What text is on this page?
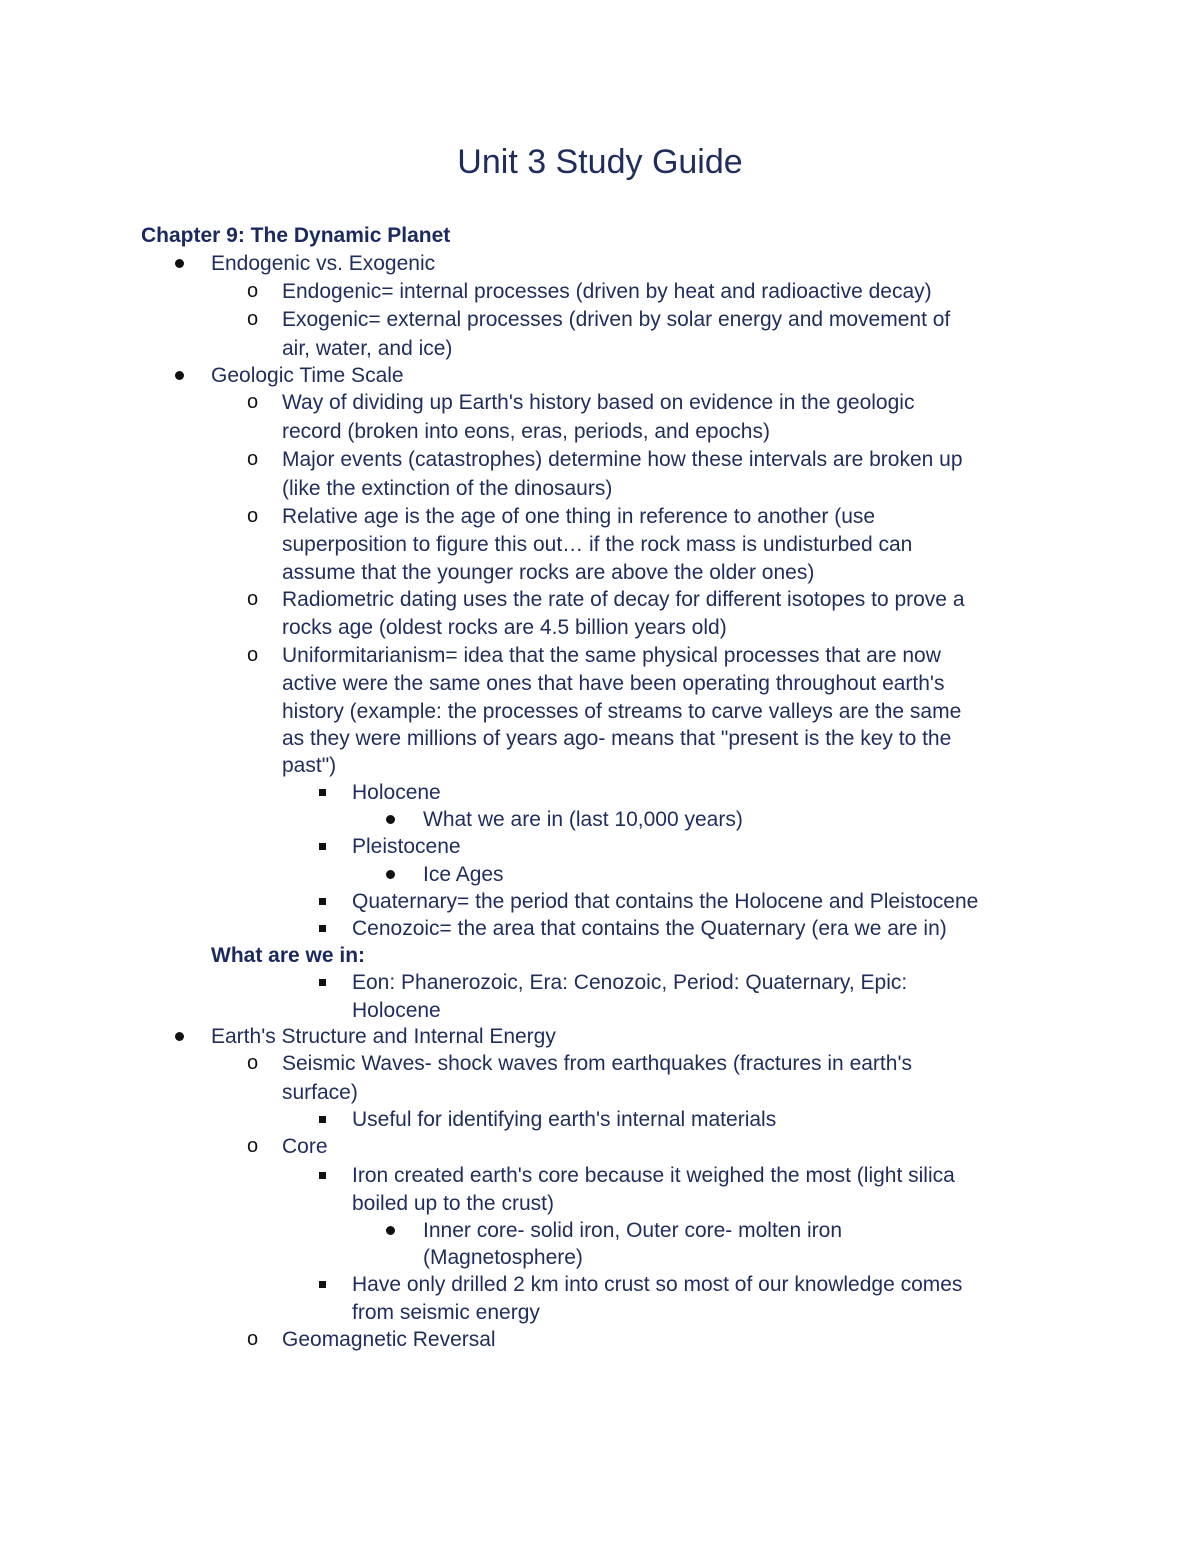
Unit 3 Study Guide
Chapter 9: The Dynamic Planet
Endogenic vs. Exogenic
o Endogenic= internal processes (driven by heat and radioactive decay)
o Exogenic= external processes (driven by solar energy and movement of
air, water, and ice)
Geologic Time Scale
o Way of dividing up Earth's history based on evidence in the geologic
record (broken into eons, eras, periods, and epochs)
o Major events (catastrophes) determine how these intervals are broken up
(like the extinction of the dinosaurs)
o Relative age is the age of one thing in reference to another (use
superposition to figure this out… if the rock mass is undisturbed can
assume that the younger rocks are above the older ones)
o Radiometric dating uses the rate of decay for different isotopes to prove a
rocks age (oldest rocks are 4.5 billion years old)
o Uniformitarianism= idea that the same physical processes that are now
active were the same ones that have been operating throughout earth's
history (example: the processes of streams to carve valleys are the same
as they were millions of years ago- means that "present is the key to the
past")
Holocene
What we are in (last 10,000 years)
Pleistocene
Ice Ages
Quaternary= the period that contains the Holocene and Pleistocene
Cenozoic= the area that contains the Quaternary (era we are in)
What are we in:
Eon: Phanerozoic, Era: Cenozoic, Period: Quaternary, Epic:
Holocene
Earth's Structure and Internal Energy
o Seismic Waves- shock waves from earthquakes (fractures in earth's
surface)
Useful for identifying earth's internal materials
o Core
Iron created earth's core because it weighed the most (light silica
boiled up to the crust)
Inner core- solid iron, Outer core- molten iron
(Magnetosphere)
Have only drilled 2 km into crust so most of our knowledge comes
from seismic energy
o Geomagnetic Reversal
